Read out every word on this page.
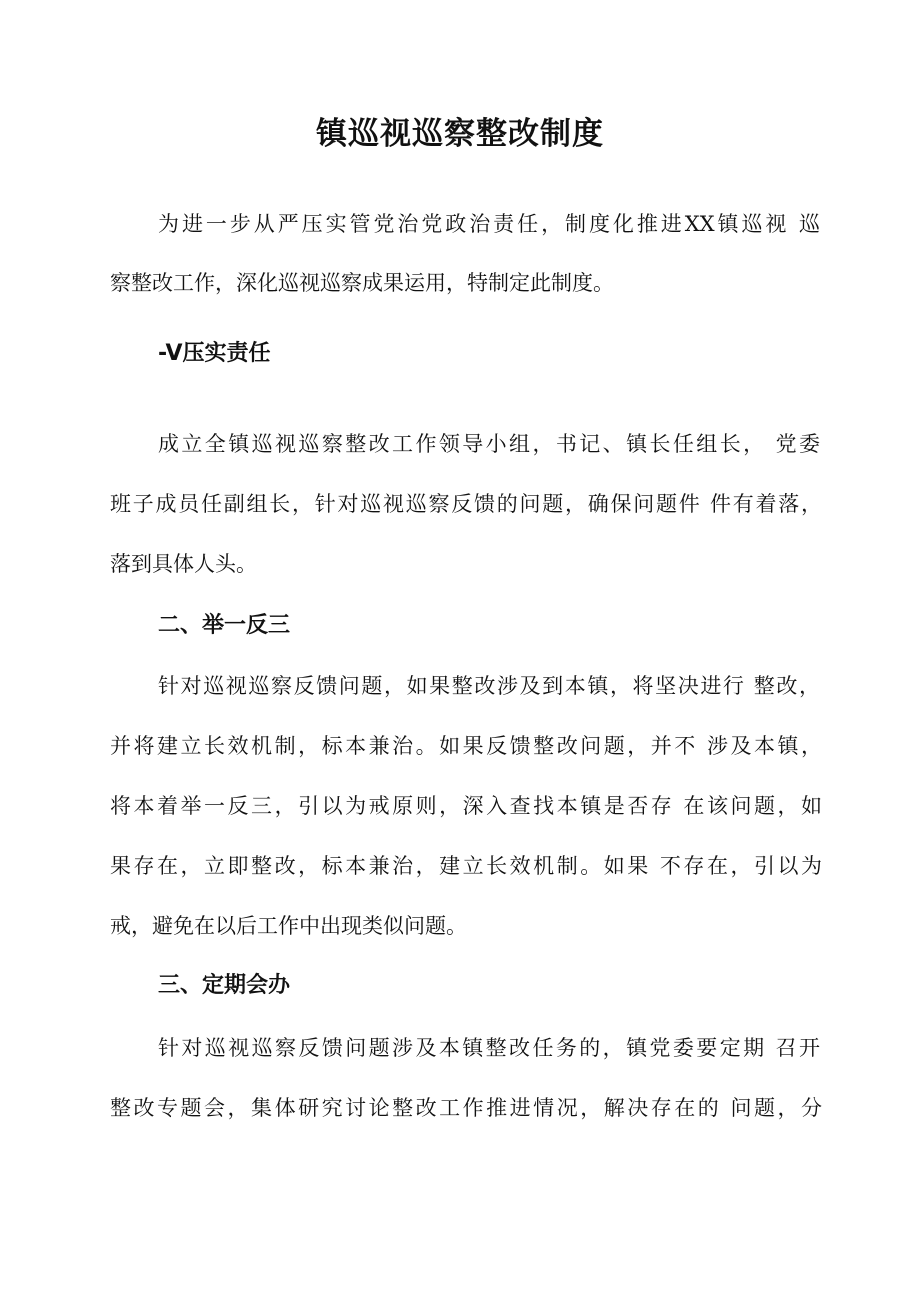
镇巡视巡察整改制度

为进一步从严压实管党治党政治责任，制度化推进XX镇巡视 巡

察整改工作，深化巡视巡察成果运用，特制定此制度。

-V压实责任

成立全镇巡视巡察整改工作领导小组，书记、镇长任组长， 党委

班子成员任副组长，针对巡视巡察反馈的问题，确保问题件 件有着落，

落到具体人头。

二、举一反三

针对巡视巡察反馈问题，如果整改涉及到本镇，将坚决进行 整改，

并将建立长效机制，标本兼治。如果反馈整改问题，并不 涉及本镇，

将本着举一反三，引以为戒原则，深入查找本镇是否存 在该问题，如

果存在，立即整改，标本兼治，建立长效机制。如果 不存在，引以为

戒，避免在以后工作中出现类似问题。

三、定期会办

针对巡视巡察反馈问题涉及本镇整改任务的，镇党委要定期 召开

整改专题会，集体研究讨论整改工作推进情况，解决存在的 问题，分
